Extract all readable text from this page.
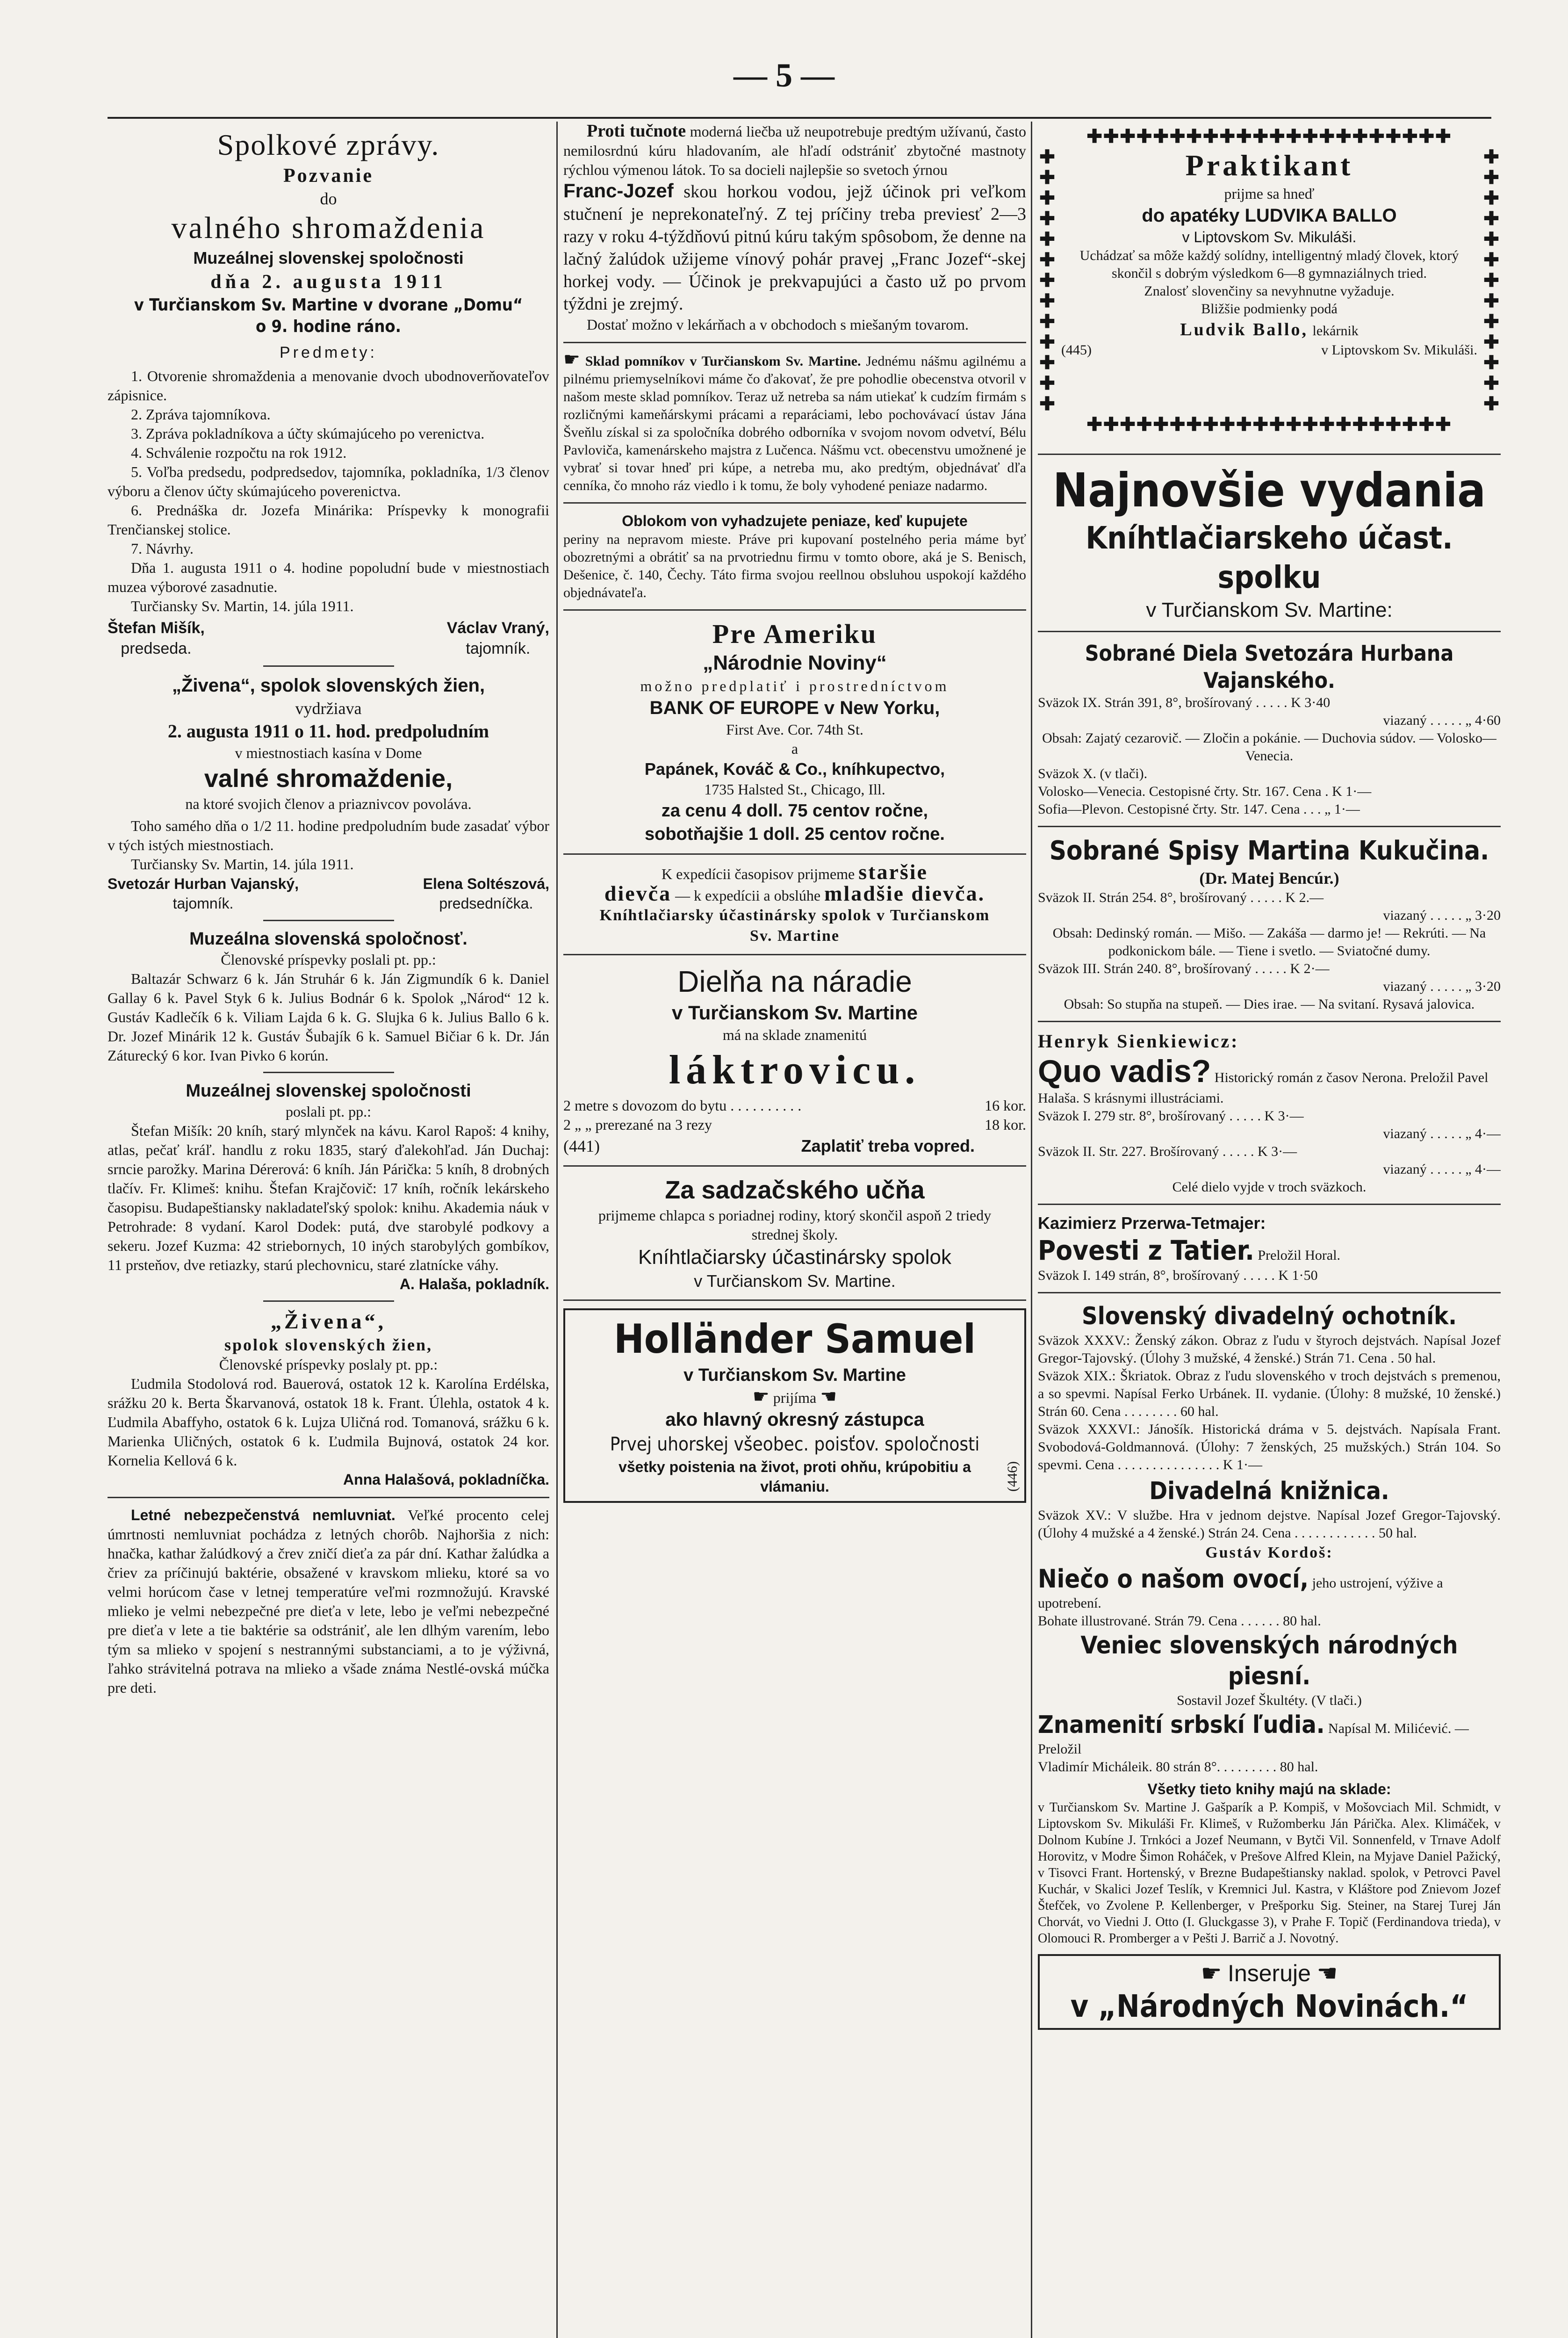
— 5 —

Spolkové zprávy.

Pozvanie

do

valného shromaždenia

Muzeálnej slovenskej spoločnosti

dňa 2. augusta 1911

v Turčianskom Sv. Martine v dvorane „Domu“

o 9. hodine ráno.

Predmety:

1. Otvorenie shromaždenia a menovanie dvoch ubodnoverňovateľov zápisnice.

2. Zpráva tajomníkova.

3. Zpráva pokladníkova a účty skúmajúceho po verenictva.

4. Schválenie rozpočtu na rok 1912.

5. Voľba predsedu, podpredsedov, tajomníka, pokladníka, 1/3 členov výboru a členov účty skúmajúceho poverenictva.

6. Prednáška dr. Jozefa Minárika: Príspevky k monografii Trenčianskej stolice.

7. Návrhy.

Dňa 1. augusta 1911 o 4. hodine popoludní bude v miestnostiach muzea výborové zasadnutie.

Turčiansky Sv. Martin, 14. júla 1911.

Štefan Mišík,

predseda.

Václav Vraný,

tajomník.

„Živena“, spolok slovenských žien,

vydržiava

2. augusta 1911 o 11. hod. predpoludním

v miestnostiach kasína v Dome

valné shromaždenie,

na ktoré svojich členov a priaznivcov povoláva.

Toho samého dňa o 1/2 11. hodine predpoludním bude zasadať výbor v tých istých miestnostiach.

Turčiansky Sv. Martin, 14. júla 1911.

Svetozár Hurban Vajanský,

tajomník.

Elena Soltészová,

predsedníčka.

Muzeálna slovenská spoločnosť.

Členovské príspevky poslali pt. pp.:

Baltazár Schwarz 6 k. Ján Struhár 6 k. Ján Zigmundík 6 k. Daniel Gallay 6 k. Pavel Styk 6 k. Julius Bodnár 6 k. Spolok „Národ“ 12 k. Gustáv Kadlečík 6 k. Viliam Lajda 6 k. G. Slujka 6 k. Julius Ballo 6 k. Dr. Jozef Minárik 12 k. Gustáv Šubajík 6 k. Samuel Bičiar 6 k. Dr. Ján Záturecký 6 kor. Ivan Pivko 6 korún.

Muzeálnej slovenskej spoločnosti

poslali pt. pp.:

Štefan Mišík: 20 kníh, starý mlynček na kávu. Karol Rapoš: 4 knihy, atlas, pečať kráľ. handlu z roku 1835, starý ďalekohľad. Ján Duchaj: srncie parožky. Marina Dérerová: 6 kníh. Ján Párička: 5 kníh, 8 drobných tlačív. Fr. Klimeš: knihu. Štefan Krajčovič: 17 kníh, ročník lekárskeho časopisu. Budapeštiansky nakladateľský spolok: knihu. Akademia náuk v Petrohrade: 8 vydaní. Karol Dodek: putá, dve starobylé podkovy a sekeru. Jozef Kuzma: 42 striebornych, 10 iných starobylých gombíkov, 11 prsteňov, dve retiazky, starú plechovnicu, staré zlatnícke váhy.

A. Halaša, pokladník.

„Živena“,

spolok slovenských žien,

Členovské príspevky poslaly pt. pp.:

Ľudmila Stodolová rod. Bauerová, ostatok 12 k. Karolína Erdélska, srážku 20 k. Berta Škarvanová, ostatok 18 k. Frant. Úlehla, ostatok 4 k. Ľudmila Abaffyho, ostatok 6 k. Lujza Uličná rod. Tomanová, srážku 6 k. Marienka Uličných, ostatok 6 k. Ľudmila Bujnová, ostatok 24 kor. Kornelia Kellová 6 k.

Anna Halašová, pokladníčka.

Letné nebezpečenstvá nemluvniat. Veľké procento celej úmrtnosti nemluvniat pochádza z letných chorôb. Najhoršia z nich: hnačka, kathar žalúdkový a črev zničí dieťa za pár dní. Kathar žalúdka a čriev za príčinujú baktérie, obsažené v kravskom mlieku, ktoré sa vo velmi horúcom čase v letnej temperatúre veľmi rozmnožujú. Kravské mlieko je velmi nebezpečné pre dieťa v lete, lebo je veľmi nebezpečné pre dieťa v lete a tie baktérie sa odstrániť, ale len dlhým varením, lebo tým sa mlieko v spojení s nestrannými substanciami, a to je výživná, ľahko strávitelná potrava na mlieko a všade známa Nestlé-ovská múčka pre deti.

Proti tučnote moderná liečba už neupotrebuje predtým užívanú, často nemilosrdnú kúru hladovaním, ale hľadí odstrániť zbytočné mastnoty rýchlou výmenou látok. To sa docieli najlepšie so svetoch ýrnou

Franc-Jozef skou horkou vodou, jejž účinok pri veľkom stučnení je neprekonateľný. Z tej príčiny treba previesť 2—3 razy v roku 4-týždňovú pitnú kúru takým spôsobom, že denne na lačný žalúdok užijeme vínový pohár pravej „Franc Jozef“-skej horkej vody. — Účinok je prekvapujúci a často už po prvom týždni je zrejmý.

Dostať možno v lekárňach a v obchodoch s miešaným tovarom.

☛ Sklad pomníkov v Turčianskom Sv. Martine. Jednému nášmu agilnému a pilnému priemyselníkovi máme čo ďakovať, že pre pohodlie obecenstva otvoril v našom meste sklad pomníkov. Teraz už netreba sa nám utiekať k cudzím firmám s rozličnými kameňárskymi prácami a reparáciami, lebo pochovávací ústav Jána Šveňlu získal si za spoločníka dobrého odborníka v svojom novom odvetví, Bélu Pavloviča, kamenárskeho majstra z Lučenca. Nášmu vct. obecenstvu umožnené je vybrať si tovar hneď pri kúpe, a netreba mu, ako predtým, objednávať dľa cenníka, čo mnoho ráz viedlo i k tomu, že boly vyhodené peniaze nadarmo.

Oblokom von vyhadzujete peniaze, keď kupujete

periny na nepravom mieste. Práve pri kupovaní postelného peria máme byť obozretnými a obrátiť sa na prvotriednu firmu v tomto obore, aká je S. Benisch, Dešenice, č. 140, Čechy. Táto firma svojou reellnou obsluhou uspokojí každého objednávateľa.

Pre Ameriku

„Národnie Noviny“

možno predplatiť i prostredníctvom

BANK OF EUROPE v New Yorku,

First Ave. Cor. 74th St.

a

Papánek, Kováč & Co., kníhkupectvo,

1735 Halsted St., Chicago, Ill.

za cenu 4 doll. 75 centov ročne,

sobotňajšie 1 doll. 25 centov ročne.

K expedícii časopisov prijmeme staršie

dievča — k expedícii a obslúhe mladšie dievča.

Kníhtlačiarsky účastinársky spolok v Turčianskom Sv. Martine

Dielňa na náradie

v Turčianskom Sv. Martine

má na sklade znamenitú

láktrovicu.

2 metre s dovozom do bytu . . . . . . . . . .	16 kor.
2 „ „ prerezané na 3 rezy	18 kor.
(441)	Zaplatiť treba vopred.

Za sadzačského učňa

prijmeme chlapca s poriadnej rodiny, ktorý skončil aspoň 2 triedy strednej školy.

Kníhtlačiarsky účastinársky spolok

v Turčianskom Sv. Martine.

Holländer Samuel

v Turčianskom Sv. Martine

☛ prijíma ☚

ako hlavný okresný zástupca

Prvej uhorskej všeobec. poisťov. spoločnosti

všetky poistenia na život, proti ohňu, krúpobitiu a vlámaniu.	(446)

✚✚✚✚✚✚✚✚✚✚✚✚✚✚✚✚✚✚✚✚✚✚
✚
✚
✚
✚
✚
✚
✚
✚
✚
✚
✚
✚
✚

Praktikant

prijme sa hneď

do apatéky LUDVIKA BALLO

v Liptovskom Sv. Mikuláši.

Uchádzať sa môže každý solídny, intelligentný mladý človek, ktorý skončil s dobrým výsledkom 6—8 gymnaziálnych tried.

Znalosť slovenčiny sa nevyhnutne vyžaduje.

Bližšie podmienky podá

Ludvik Ballo, lekárnik

(445)	v Liptovskom Sv. Mikuláši.
✚
✚
✚
✚
✚
✚
✚
✚
✚
✚
✚
✚
✚
✚✚✚✚✚✚✚✚✚✚✚✚✚✚✚✚✚✚✚✚✚✚

Najnovšie vydania

Kníhtlačiarskeho účast. spolku

v Turčianskom Sv. Martine:

Sobrané Diela Svetozára Hurbana Vajanského.

Sväzok IX. Strán 391, 8°, brošírovaný . . . . . K 3·40

viazaný . . . . . „ 4·60

Obsah: Zajatý cezarovič. — Zločin a pokánie. — Duchovia súdov. — Volosko—Venecia.

Sväzok X. (v tlači).

Volosko—Venecia. Cestopisné črty. Str. 167. Cena . K 1·—

Sofia—Plevon. Cestopisné črty. Str. 147. Cena . . . „ 1·—

Sobrané Spisy Martina Kukučina.

(Dr. Matej Bencúr.)

Sväzok II. Strán 254. 8°, brošírovaný . . . . . K 2.—

viazaný . . . . . „ 3·20

Obsah: Dedinský román. — Mišo. — Zakáša — darmo je! — Rekrúti. — Na podkonickom bále. — Tiene i svetlo. — Sviatočné dumy.

Sväzok III. Strán 240. 8°, brošírovaný . . . . . K 2·—

viazaný . . . . . „ 3·20

Obsah: So stupňa na stupeň. — Dies irae. — Na svitaní. Rysavá jalovica.

Henryk Sienkiewicz:

Quo vadis? Historický román z časov Nerona. Preložil Pavel Halaša. S krásnymi illustráciami.

Sväzok I. 279 str. 8°, brošírovaný . . . . . K 3·—

viazaný . . . . . „ 4·—

Sväzok II. Str. 227. Brošírovaný . . . . . K 3·—

viazaný . . . . . „ 4·—

Celé dielo vyjde v troch sväzkoch.

Kazimierz Przerwa-Tetmajer:

Povesti z Tatier. Preložil Horal.

Sväzok I. 149 strán, 8°, brošírovaný . . . . . K 1·50

Slovenský divadelný ochotník.

Sväzok XXXV.: Ženský zákon. Obraz z ľudu v štyroch dejstvách. Napísal Jozef Gregor-Tajovský. (Úlohy 3 mužské, 4 ženské.) Strán 71. Cena . 50 hal.

Sväzok XIX.: Škriatok. Obraz z ľudu slovenského v troch dejstvách s premenou, a so spevmi. Napísal Ferko Urbánek. II. vydanie. (Úlohy: 8 mužské, 10 ženské.) Strán 60. Cena . . . . . . . . 60 hal.

Sväzok XXXVI.: Jánošík. Historická dráma v 5. dejstvách. Napísala Frant. Svobodová-Goldmannová. (Úlohy: 7 ženských, 25 mužských.) Strán 104. So spevmi. Cena . . . . . . . . . . . . . . . K 1·—

Divadelná knižnica.

Sväzok XV.: V službe. Hra v jednom dejstve. Napísal Jozef Gregor-Tajovský. (Úlohy 4 mužské a 4 ženské.) Strán 24. Cena . . . . . . . . . . . . 50 hal.

Gustáv Kordoš:

Niečo o našom ovocí, jeho ustrojení, výžive a upotrebení.

Bohate illustrované. Strán 79. Cena . . . . . . 80 hal.

Veniec slovenských národných piesní.

Sostavil Jozef Škultéty. (V tlači.)

Znamenití srbskí ľudia. Napísal M. Milićević. — Preložil

Vladimír Micháleik. 80 strán 8°. . . . . . . . . 80 hal.

Všetky tieto knihy majú na sklade:

v Turčianskom Sv. Martine J. Gašparík a P. Kompiš, v Mošovciach Mil. Schmidt, v Liptovskom Sv. Mikuláši Fr. Klimeš, v Ružomberku Ján Párička. Alex. Klimáček, v Dolnom Kubíne J. Trnkóci a Jozef Neumann, v Bytči Vil. Sonnenfeld, v Trnave Adolf Horovitz, v Modre Šimon Roháček, v Prešove Alfred Klein, na Myjave Daniel Pažický, v Tisovci Frant. Hortenský, v Brezne Budapeštiansky naklad. spolok, v Petrovci Pavel Kuchár, v Skalici Jozef Teslík, v Kremnici Jul. Kastra, v Kláštore pod Znievom Jozef Štefček, vo Zvolene P. Kellenberger, v Prešporku Sig. Steiner, na Starej Turej Ján Chorvát, vo Viedni J. Otto (I. Gluckgasse 3), v Prahe F. Topič (Ferdinandova trieda), v Olomouci R. Promberger a v Pešti J. Barrič a J. Novotný.

☛ Inseruje ☚

v „Národných Novinách.“
